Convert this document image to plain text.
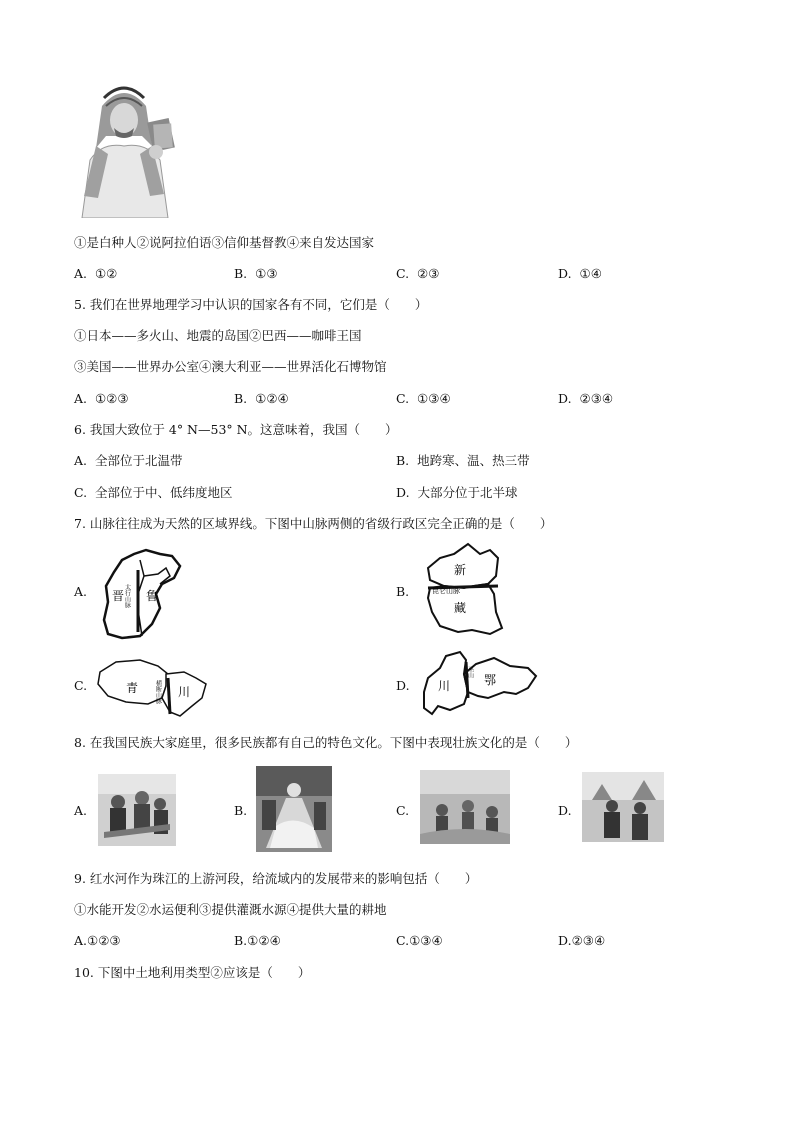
①是白种人②说阿拉伯语③信仰基督教④来自发达国家
A. ①②	B. ①③	C. ②③	D. ①④
5. 我们在世界地理学习中认识的国家各有不同，它们是（　　）
①日本——多火山、地震的岛国②巴西——咖啡王国
③美国——世界办公室④澳大利亚——世界活化石博物馆
A. ①②③	B. ①②④	C. ①③④	D. ②③④
6. 我国大致位于 4° N—53° N。这意味着，我国（　　）
A. 全部位于北温带	B. 地跨寒、温、热三带
C. 全部位于中、低纬度地区	D. 大部分位于北半球
7. 山脉往往成为天然的区域界线。下图中山脉两侧的省级行政区完全正确的是（　　）
A. 晋 鲁
太行山脉	B.
新
藏
昆仑山脉
C.	青	川
横断山脉	D. 川	鄂
巫山
8. 在我国民族大家庭里，很多民族都有自己的特色文化。下图中表现壮族文化的是（　　）
A.	B.	C.	D.
9. 红水河作为珠江的上游河段，给流域内的发展带来的影响包括（　　）
①水能开发②水运便利③提供灌溉水源④提供大量的耕地
A.①②③	B.①②④	C.①③④	D.②③④
10. 下图中土地利用类型②应该是（　　）
